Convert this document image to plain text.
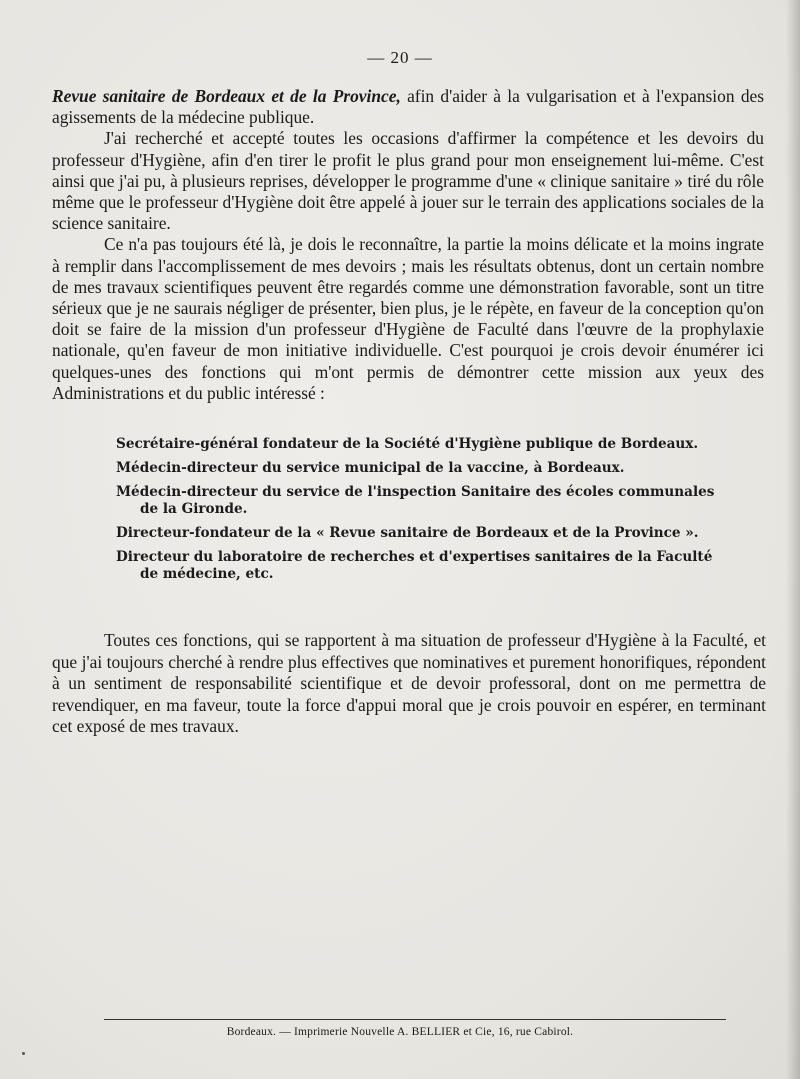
— 20 —

Revue sanitaire de Bordeaux et de la Province, afin d'aider à la vulgarisation et à l'expansion des agissements de la médecine publique.

J'ai recherché et accepté toutes les occasions d'affirmer la compétence et les devoirs du professeur d'Hygiène, afin d'en tirer le profit le plus grand pour mon enseignement lui-même. C'est ainsi que j'ai pu, à plusieurs reprises, développer le programme d'une « clinique sanitaire » tiré du rôle même que le professeur d'Hygiène doit être appelé à jouer sur le terrain des applications sociales de la science sanitaire.

Ce n'a pas toujours été là, je dois le reconnaître, la partie la moins délicate et la moins ingrate à remplir dans l'accomplissement de mes devoirs ; mais les résultats obtenus, dont un certain nombre de mes travaux scientifiques peuvent être regardés comme une démonstration favorable, sont un titre sérieux que je ne saurais négliger de présenter, bien plus, je le répète, en faveur de la conception qu'on doit se faire de la mission d'un professeur d'Hygiène de Faculté dans l'œuvre de la prophylaxie nationale, qu'en faveur de mon initiative individuelle. C'est pourquoi je crois devoir énumérer ici quelques-unes des fonctions qui m'ont permis de démontrer cette mission aux yeux des Administrations et du public intéressé :

Secrétaire-général fondateur de la Société d'Hygiène publique de Bordeaux.
Médecin-directeur du service municipal de la vaccine, à Bordeaux.
Médecin-directeur du service de l'inspection Sanitaire des écoles communales de la Gironde.
Directeur-fondateur de la « Revue sanitaire de Bordeaux et de la Province ».
Directeur du laboratoire de recherches et d'expertises sanitaires de la Faculté de médecine, etc.

Toutes ces fonctions, qui se rapportent à ma situation de professeur d'Hygiène à la Faculté, et que j'ai toujours cherché à rendre plus effectives que nominatives et purement honorifiques, répondent à un sentiment de responsabilité scientifique et de devoir professoral, dont on me permettra de revendiquer, en ma faveur, toute la force d'appui moral que je crois pouvoir en espérer, en terminant cet exposé de mes travaux.

Bordeaux. — Imprimerie Nouvelle A. BELLIER et Cie, 16, rue Cabirol.
